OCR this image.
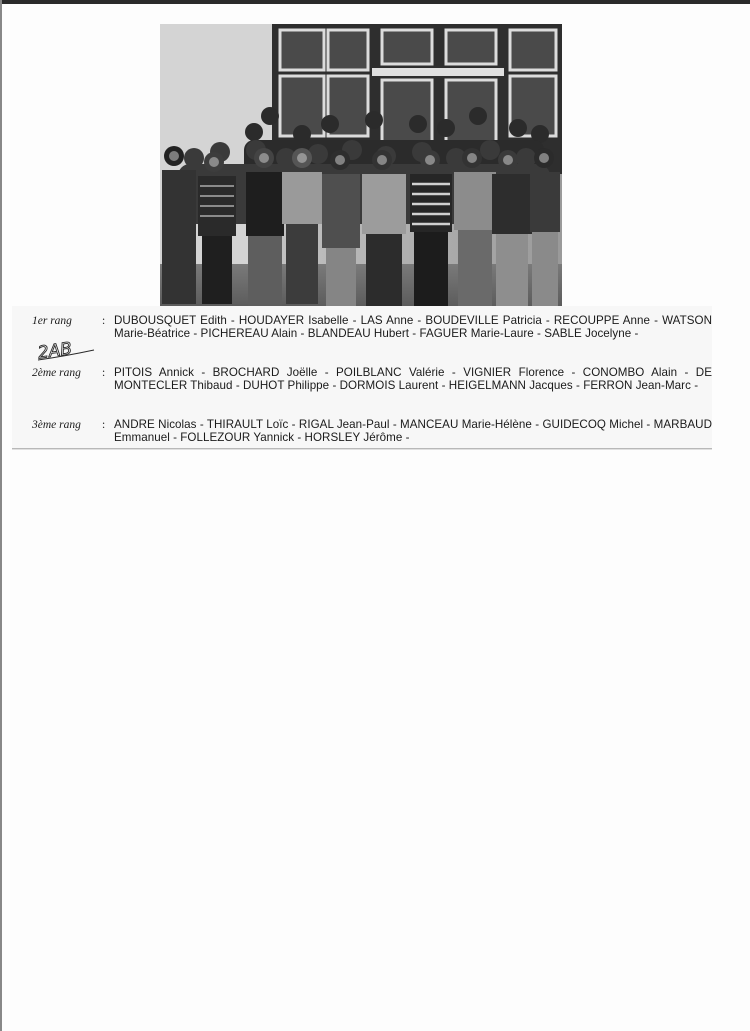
1er rang	: DUBOUSQUET Edith - HOUDAYER Isabelle - LAS Anne - BOUDEVILLE Patricia - RECOUPPE Anne - WATSON Marie-Béatrice - PICHEREAU Alain - BLANDEAU Hubert - FAGUER Marie-Laure - SABLE Jocelyne -
2ème rang	: PITOIS Annick - BROCHARD Joëlle - POILBLANC Valérie - VIGNIER Florence - CONOMBO Alain - DE MONTECLER Thibaud - DUHOT Philippe - DORMOIS Laurent - HEIGELMANN Jacques - FERRON Jean-Marc -
3ème rang	: ANDRE Nicolas - THIRAULT Loïc - RIGAL Jean-Paul - MANCEAU Marie-Hélène - GUIDECOQ Michel - MARBAUD Emmanuel - FOLLEZOUR Yannick - HORSLEY Jérôme -
2AB
